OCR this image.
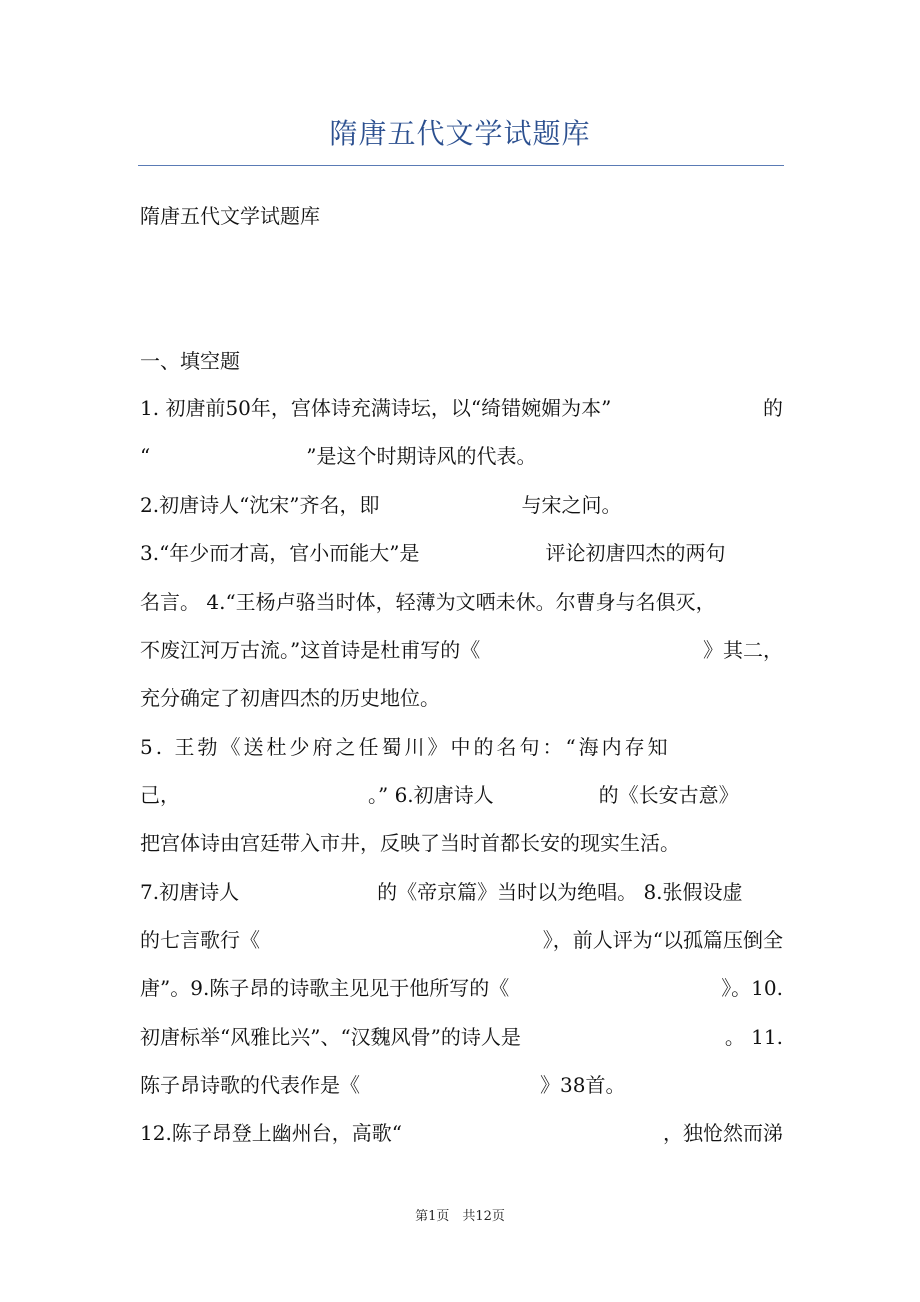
隋唐五代文学试题库
隋唐五代文学试题库
一、填空题
1. 初唐前50年，宫体诗充满诗坛，以“绮错婉媚为本”	的
“	”是这个时期诗风的代表。
2.初唐诗人“沈宋”齐名，即	与宋之问。
3.“年少而才高，官小而能大”是	评论初唐四杰的两句
名言。 4.“王杨卢骆当时体，轻薄为文哂未休。尔曹身与名俱灭，
不废江河万古流。”这首诗是杜甫写的《	》其二，
充分确定了初唐四杰的历史地位。
5. 王勃《送杜少府之任蜀川》中的名句：“海内存知
己，	。” 6.初唐诗人	的《长安古意》
把宫体诗由宫廷带入市井，反映了当时首都长安的现实生活。
7.初唐诗人	的《帝京篇》当时以为绝唱。 8.张假设虚
的七言歌行《	》，前人评为“以孤篇压倒全
唐”。9.陈子昂的诗歌主见见于他所写的《	》。10.
初唐标举“风雅比兴”、“汉魏风骨”的诗人是	。 11.
陈子昂诗歌的代表作是《	》38首。
12.陈子昂登上幽州台，高歌“	，独怆然而涕
第1页　共12页
